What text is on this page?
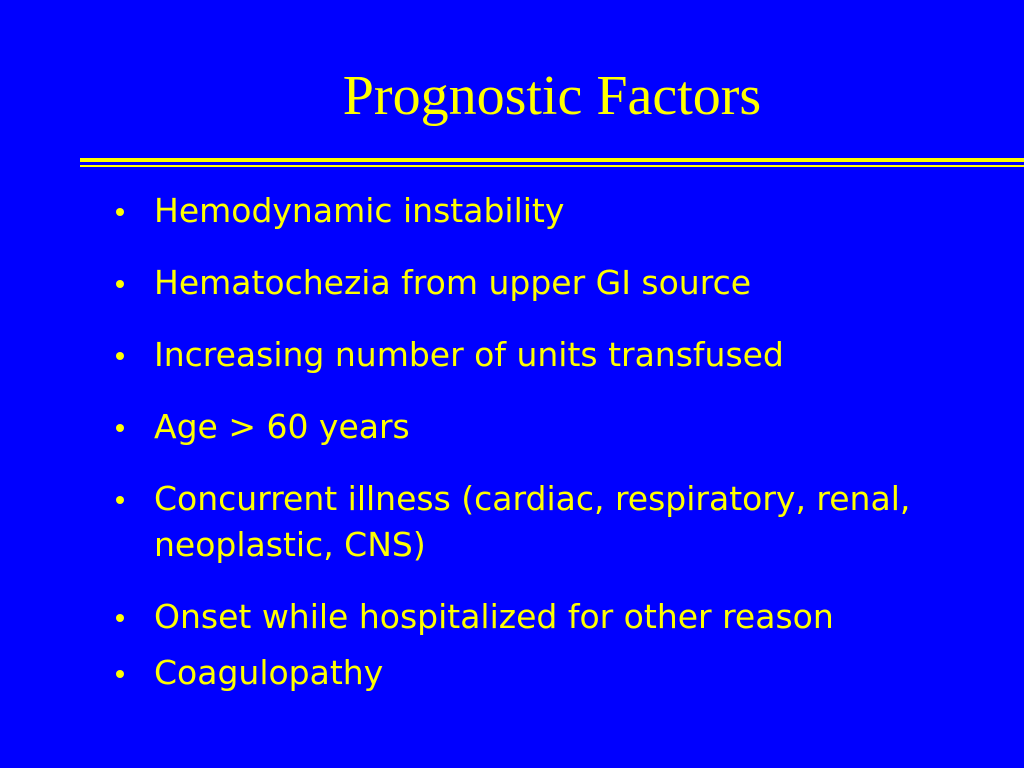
Prognostic Factors
Hemodynamic instability
Hematochezia from upper GI source
Increasing number of units transfused
Age > 60 years
Concurrent illness (cardiac, respiratory, renal, neoplastic, CNS)
Onset while hospitalized for other reason
Coagulopathy
